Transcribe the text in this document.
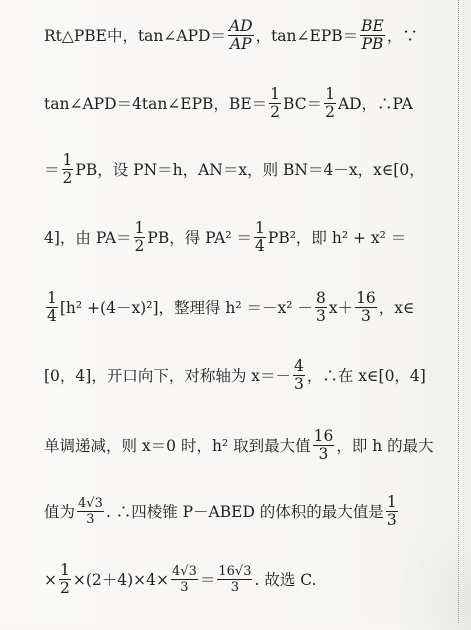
Rt△PBE中，tan∠APD＝ $\frac{AD}{AP}$ ，tan∠EPB＝ $\frac{BE}{PB}$ ，∵
tan∠APD＝4tan∠EPB，$BE= \frac{1}{2} BC= \frac{1}{2}$ AD，∴PA
＝ $\frac{1}{2}$ PB，设 PN＝h，AN＝x，则 BN＝4－x，x∈[0，
4]，由 $PA= \frac{1}{2}$ PB，得 $PA^2 = \frac{1}{4} PB^2$，即 h² + x² ＝
$\frac{1}{4} [h^2 +(4-x)^2]$，整理得 $h^2 =-x^2 - \frac{8}{3} x+ \frac{16}{3}$ ，x∈
[0，4]，开口向下，对称轴为 $x=- \frac{4}{3}$ ，∴在 x∈[0，4]
单调递减，则 x＝0 时，h² 取到最大值 $\frac{16}{3}$ ，即 h 的最大
值为 $\frac{4√3}{3}$ . ∴四棱锥 P－ABED 的体积的最大值是 $\frac{1}{3}$
× $\frac{1}{2} \times(2+4)\times 4\times \frac{4√3}{3} = \frac{16√3}{3}$ . 故选 C.
